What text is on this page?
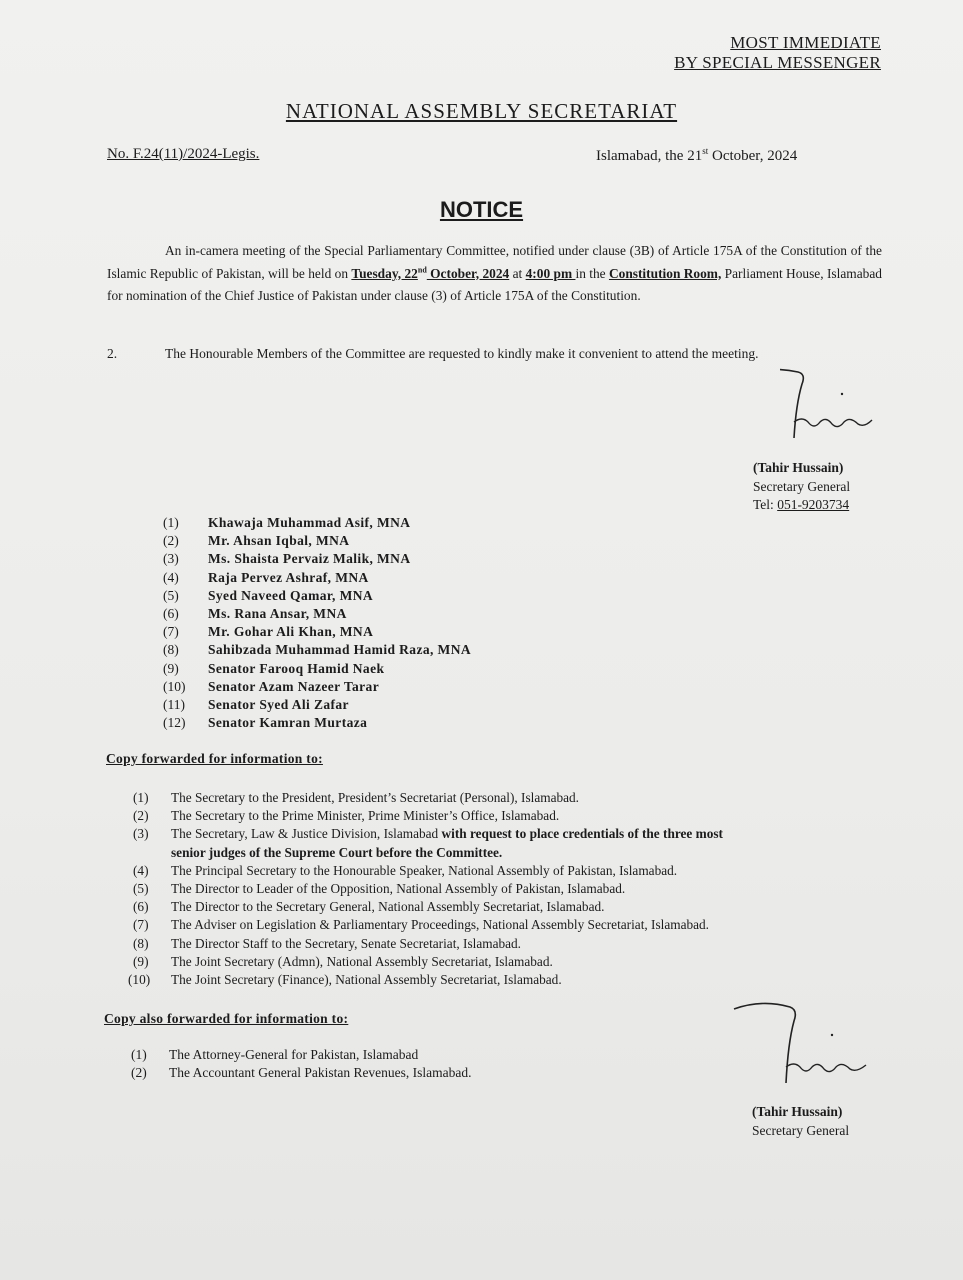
MOST IMMEDIATE
BY SPECIAL MESSENGER
NATIONAL ASSEMBLY SECRETARIAT
No. F.24(11)/2024-Legis.	Islamabad, the 21st October, 2024
NOTICE
An in-camera meeting of the Special Parliamentary Committee, notified under clause (3B) of Article 175A of the Constitution of the Islamic Republic of Pakistan, will be held on Tuesday, 22nd October, 2024 at 4:00 pm in the Constitution Room, Parliament House, Islamabad for nomination of the Chief Justice of Pakistan under clause (3) of Article 175A of the Constitution.
2.	The Honourable Members of the Committee are requested to kindly make it convenient to attend the meeting.
(Tahir Hussain)
Secretary General
Tel: 051-9203734
(1)	Khawaja Muhammad Asif, MNA
(2)	Mr. Ahsan Iqbal, MNA
(3)	Ms. Shaista Pervaiz Malik, MNA
(4)	Raja Pervez Ashraf, MNA
(5)	Syed Naveed Qamar, MNA
(6)	Ms. Rana Ansar, MNA
(7)	Mr. Gohar Ali Khan, MNA
(8)	Sahibzada Muhammad Hamid Raza, MNA
(9)	Senator Farooq Hamid Naek
(10)	Senator Azam Nazeer Tarar
(11)	Senator Syed Ali Zafar
(12)	Senator Kamran Murtaza
Copy forwarded for information to:
(1)	The Secretary to the President, President’s Secretariat (Personal), Islamabad.
(2)	The Secretary to the Prime Minister, Prime Minister’s Office, Islamabad.
(3)	The Secretary, Law & Justice Division, Islamabad with request to place credentials of the three most
senior judges of the Supreme Court before the Committee.
(4)	The Principal Secretary to the Honourable Speaker, National Assembly of Pakistan, Islamabad.
(5)	The Director to Leader of the Opposition, National Assembly of Pakistan, Islamabad.
(6)	The Director to the Secretary General, National Assembly Secretariat, Islamabad.
(7)	The Adviser on Legislation & Parliamentary Proceedings, National Assembly Secretariat, Islamabad.
(8)	The Director Staff to the Secretary, Senate Secretariat, Islamabad.
(9)	The Joint Secretary (Admn), National Assembly Secretariat, Islamabad.
(10)	The Joint Secretary (Finance), National Assembly Secretariat, Islamabad.
Copy also forwarded for information to:
(1)	The Attorney-General for Pakistan, Islamabad
(2)	The Accountant General Pakistan Revenues, Islamabad.
(Tahir Hussain)
Secretary General
